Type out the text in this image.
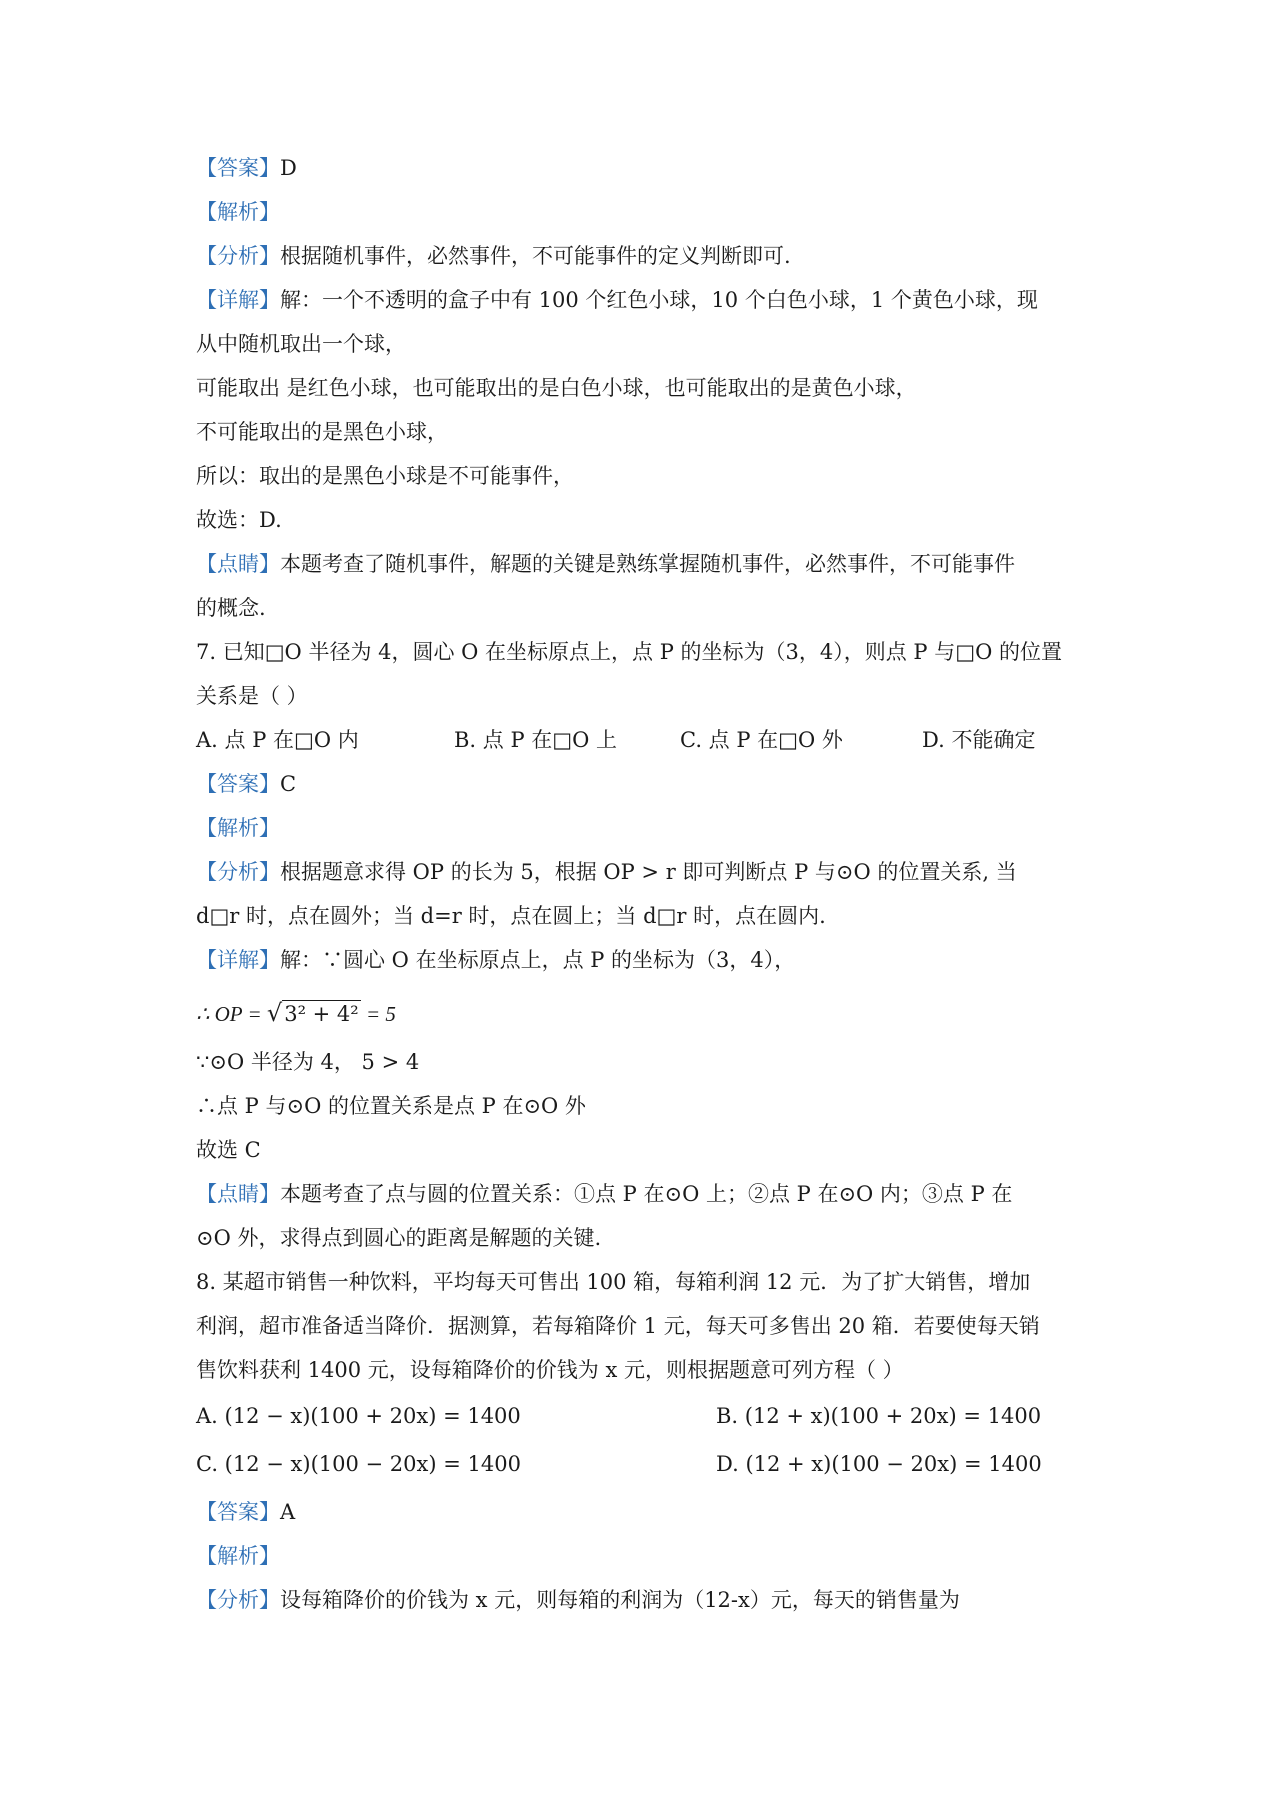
【答案】D
【解析】
【分析】根据随机事件，必然事件，不可能事件的定义判断即可.
【详解】解：一个不透明的盒子中有 100 个红色小球，10 个白色小球，1 个黄色小球，现
从中随机取出一个球，
可能取出 是红色小球，也可能取出的是白色小球，也可能取出的是黄色小球，
不可能取出的是黑色小球，
所以：取出的是黑色小球是不可能事件，
故选：D.
【点睛】本题考查了随机事件，解题的关键是熟练掌握随机事件，必然事件，不可能事件
的概念.
7. 已知□O 半径为 4，圆心 O 在坐标原点上，点 P 的坐标为（3，4），则点 P 与□O 的位置
关系是（ ）
A. 点 P 在□O 内	B. 点 P 在□O 上	C. 点 P 在□O 外	D. 不能确定
【答案】C
【解析】
【分析】根据题意求得 OP 的长为 5，根据 OP > r 即可判断点 P 与⊙O 的位置关系, 当
d□r 时，点在圆外；当 d=r 时，点在圆上；当 d□r 时，点在圆内.
【详解】解：∵圆心 O 在坐标原点上，点 P 的坐标为（3，4），
∴ OP = √3² + 4² = 5
∵⊙O 半径为 4， 5 > 4
∴点 P 与⊙O 的位置关系是点 P 在⊙O 外
故选 C
【点睛】本题考查了点与圆的位置关系：①点 P 在⊙O 上；②点 P 在⊙O 内；③点 P 在
⊙O 外，求得点到圆心的距离是解题的关键.
8. 某超市销售一种饮料，平均每天可售出 100 箱，每箱利润 12 元．为了扩大销售，增加
利润，超市准备适当降价．据测算，若每箱降价 1 元，每天可多售出 20 箱．若要使每天销
售饮料获利 1400 元，设每箱降价的价钱为 x 元，则根据题意可列方程（ ）
A. (12 − x)(100 + 20x) = 1400	B. (12 + x)(100 + 20x) = 1400
C. (12 − x)(100 − 20x) = 1400	D. (12 + x)(100 − 20x) = 1400
【答案】A
【解析】
【分析】设每箱降价的价钱为 x 元，则每箱的利润为（12-x）元，每天的销售量为
